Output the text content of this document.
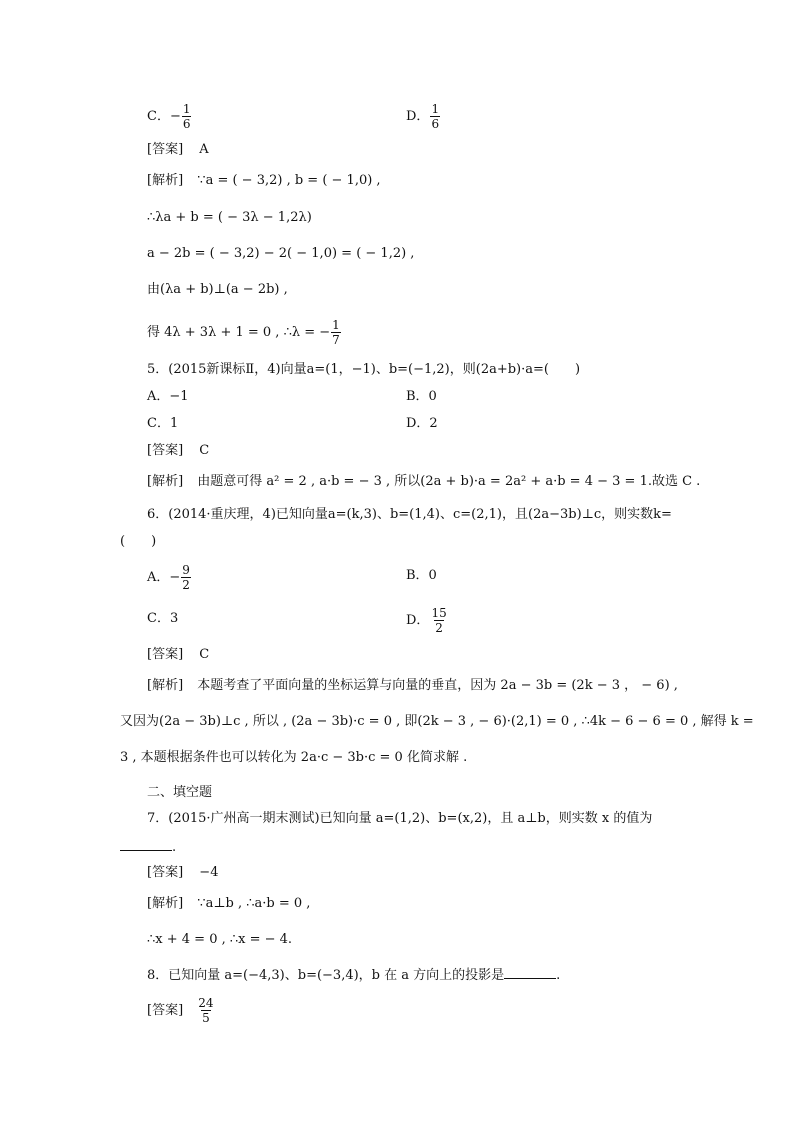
C．− $\frac{1}{6}$	D． $\frac{1}{6}$
[答案] A
[解析] ∵a = ( − 3,2) , b = ( − 1,0) ,
∴λa + b = ( − 3λ − 1,2λ)
a − 2b = ( − 3,2) − 2( − 1,0) = ( − 1,2) ,
由(λa + b)⊥(a − 2b) ,
得 4λ + 3λ + 1 = 0 , ∴λ = − $\frac{1}{7}$
5．(2015新课标Ⅱ，4)向量a=(1，−1)、b=(−1,2)，则(2a+b)·a=(　　)
A．−1	B．0
C．1	D．2
[答案] C
[解析] 由题意可得 a² = 2 , a·b = − 3 , 所以(2a + b)·a = 2a² + a·b = 4 − 3 = 1.故选 C .
6．(2014·重庆理，4)已知向量a=(k,3)、b=(1,4)、c=(2,1)，且(2a−3b)⊥c，则实数k=
(　　)
A．− $\frac{9}{2}$	B．0
C．3	D． $\frac{15}{2}$
[答案] C
[解析] 本题考查了平面向量的坐标运算与向量的垂直，因为 2a − 3b = (2k − 3 ， − 6) ,
又因为(2a − 3b)⊥c , 所以 , (2a − 3b)·c = 0 , 即(2k − 3 , − 6)·(2,1) = 0 , ∴4k − 6 − 6 = 0 , 解得 k =
3 , 本题根据条件也可以转化为 2a·c − 3b·c = 0 化简求解 .
二、填空题
7．(2015·广州高一期末测试)已知向量 a=(1,2)、b=(x,2)，且 a⊥b，则实数 x 的值为
.
[答案] −4
[解析] ∵a⊥b , ∴a·b = 0 ,
∴x + 4 = 0 , ∴x = − 4.
8．已知向量 a=(−4,3)、b=(−3,4)，b 在 a 方向上的投影是	.
[答案] $\frac{24}{5}$
